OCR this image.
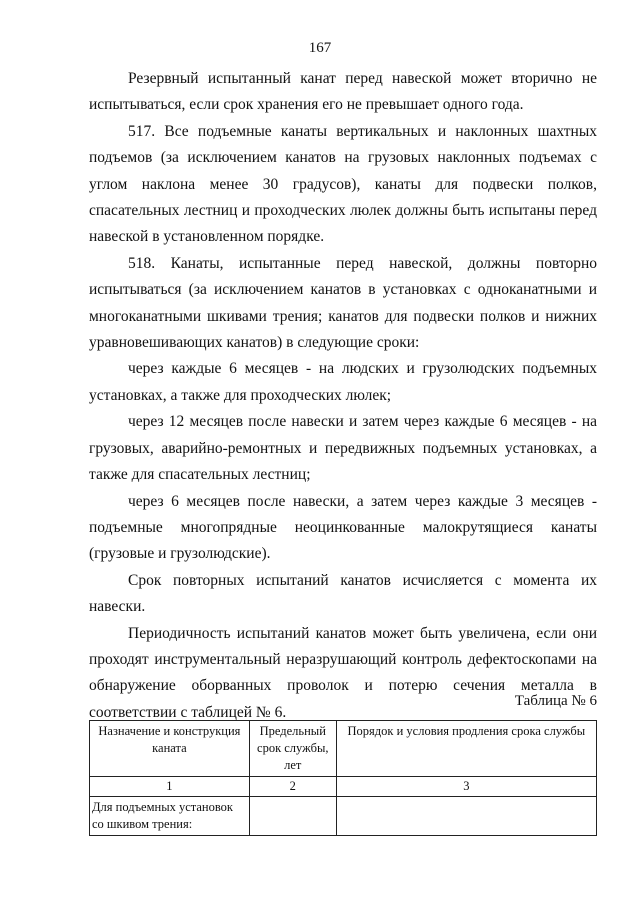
167

Резервный испытанный канат перед навеской может вторично не испытываться, если срок хранения его не превышает одного года.

517. Все подъемные канаты вертикальных и наклонных шахтных подъемов (за исключением канатов на грузовых наклонных подъемах с углом наклона менее 30 градусов), канаты для подвески полков, спасательных лестниц и проходческих люлек должны быть испытаны перед навеской в установленном порядке.

518. Канаты, испытанные перед навеской, должны повторно испытываться (за исключением канатов в установках с одноканатными и многоканатными шкивами трения; канатов для подвески полков и нижних уравновешивающих канатов) в следующие сроки:

через каждые 6 месяцев - на людских и грузолюдских подъемных установках, а также для проходческих люлек;

через 12 месяцев после навески и затем через каждые 6 месяцев - на грузовых, аварийно-ремонтных и передвижных подъемных установках, а также для спасательных лестниц;

через 6 месяцев после навески, а затем через каждые 3 месяцев - подъемные многопрядные неоцинкованные малокрутящиеся канаты (грузовые и грузолюдские).

Срок повторных испытаний канатов исчисляется с момента их навески.

Периодичность испытаний канатов может быть увеличена, если они проходят инструментальный неразрушающий контроль дефектоскопами на обнаружение оборванных проволок и потерю сечения металла в соответствии с таблицей № 6.

Таблица № 6
Назначение и конструкция каната	Предельный срок службы, лет	Порядок и условия продления срока службы
1	2	3
Для подъемных установок со шкивом трения:		
